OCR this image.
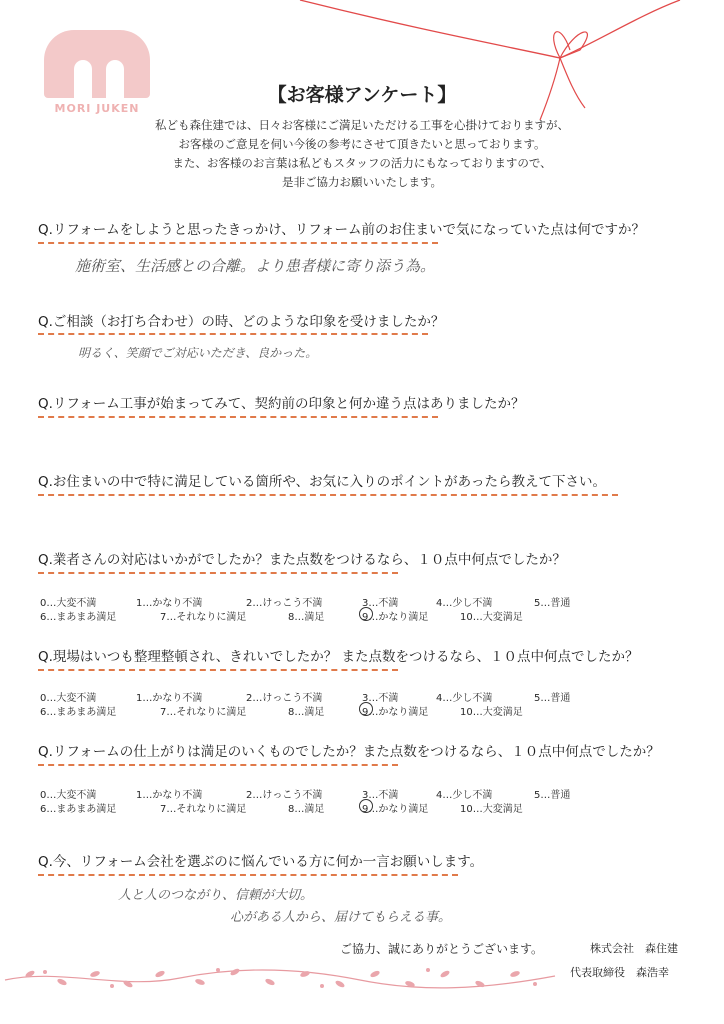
MORI JUKEN
【お客様アンケート】
私ども森住建では、日々お客様にご満足いただける工事を心掛けておりますが、
お客様のご意見を伺い今後の参考にさせて頂きたいと思っております。
また、お客様のお言葉は私どもスタッフの活力にもなっておりますので、
是非ご協力お願いいたします。
Q.リフォームをしようと思ったきっかけ、リフォーム前のお住まいで気になっていた点は何ですか？
施術室、生活感との合離。より患者様に寄り添う為。
Q.ご相談（お打ち合わせ）の時、どのような印象を受けましたか？
明るく、笑顔でご対応いただき、良かった。
Q.リフォーム工事が始まってみて、契約前の印象と何か違う点はありましたか？
Q.お住まいの中で特に満足している箇所や、お気に入りのポイントがあったら教えて下さい。
Q.業者さんの対応はいかがでしたか？また点数をつけるなら、１０点中何点でしたか？
0…大変不満	1…かなり不満	2…けっこう不満	3…不満	4…少し不満	5…普通
6…まあまあ満足	7…それなりに満足	8…満足	9…かなり満足	10…大変満足
Q.現場はいつも整理整頓され、きれいでしたか？ また点数をつけるなら、１０点中何点でしたか？
0…大変不満	1…かなり不満	2…けっこう不満	3…不満	4…少し不満	5…普通
6…まあまあ満足	7…それなりに満足	8…満足	9…かなり満足	10…大変満足
Q.リフォームの仕上がりは満足のいくものでしたか？また点数をつけるなら、１０点中何点でしたか？
0…大変不満	1…かなり不満	2…けっこう不満	3…不満	4…少し不満	5…普通
6…まあまあ満足	7…それなりに満足	8…満足	9…かなり満足	10…大変満足
Q.今、リフォーム会社を選ぶのに悩んでいる方に何か一言お願いします。
人と人のつながり、信頼が大切。
心がある人から、届けてもらえる事。
ご協力、誠にありがとうございます。	株式会社　森住建
代表取締役　森浩幸
